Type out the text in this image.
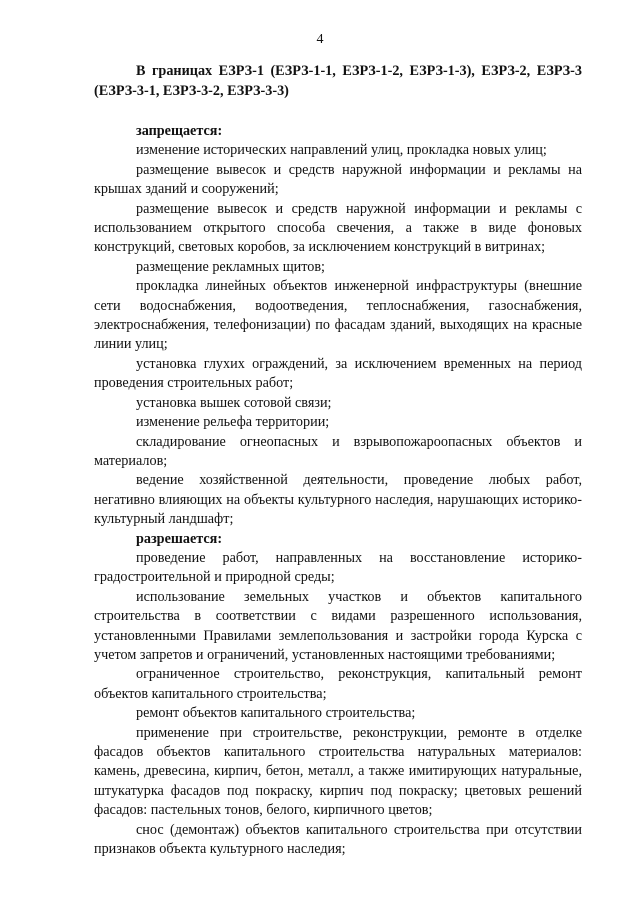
4
В границах ЕЗРЗ-1 (ЕЗРЗ-1-1, ЕЗРЗ-1-2, ЕЗРЗ-1-3), ЕЗРЗ-2, ЕЗРЗ-3 (ЕЗРЗ-3-1, ЕЗРЗ-3-2, ЕЗРЗ-3-3)

запрещается:

изменение исторических направлений улиц, прокладка новых улиц;

размещение вывесок и средств наружной информации и рекламы на крышах зданий и сооружений;

размещение вывесок и средств наружной информации и рекламы с использованием открытого способа свечения, а также в виде фоновых конструкций, световых коробов, за исключением конструкций в витринах;

размещение рекламных щитов;

прокладка линейных объектов инженерной инфраструктуры (внешние сети водоснабжения, водоотведения, теплоснабжения, газоснабжения, электроснабжения, телефонизации) по фасадам зданий, выходящих на красные линии улиц;

установка глухих ограждений, за исключением временных на период проведения строительных работ;

установка вышек сотовой связи;

изменение рельефа территории;

складирование огнеопасных и взрывопожароопасных объектов и материалов;

ведение хозяйственной деятельности, проведение любых работ, негативно влияющих на объекты культурного наследия, нарушающих историко-культурный ландшафт;

разрешается:

проведение работ, направленных на восстановление историко-градостроительной и природной среды;

использование земельных участков и объектов капитального строительства в соответствии с видами разрешенного использования, установленными Правилами землепользования и застройки города Курска с учетом запретов и ограничений, установленных настоящими требованиями;

ограниченное строительство, реконструкция, капитальный ремонт объектов капитального строительства;

ремонт объектов капитального строительства;

применение при строительстве, реконструкции, ремонте в отделке фасадов объектов капитального строительства натуральных материалов: камень, древесина, кирпич, бетон, металл, а также имитирующих натуральные, штукатурка фасадов под покраску, кирпич под покраску; цветовых решений фасадов: пастельных тонов, белого, кирпичного цветов;

снос (демонтаж) объектов капитального строительства при отсутствии признаков объекта культурного наследия;
